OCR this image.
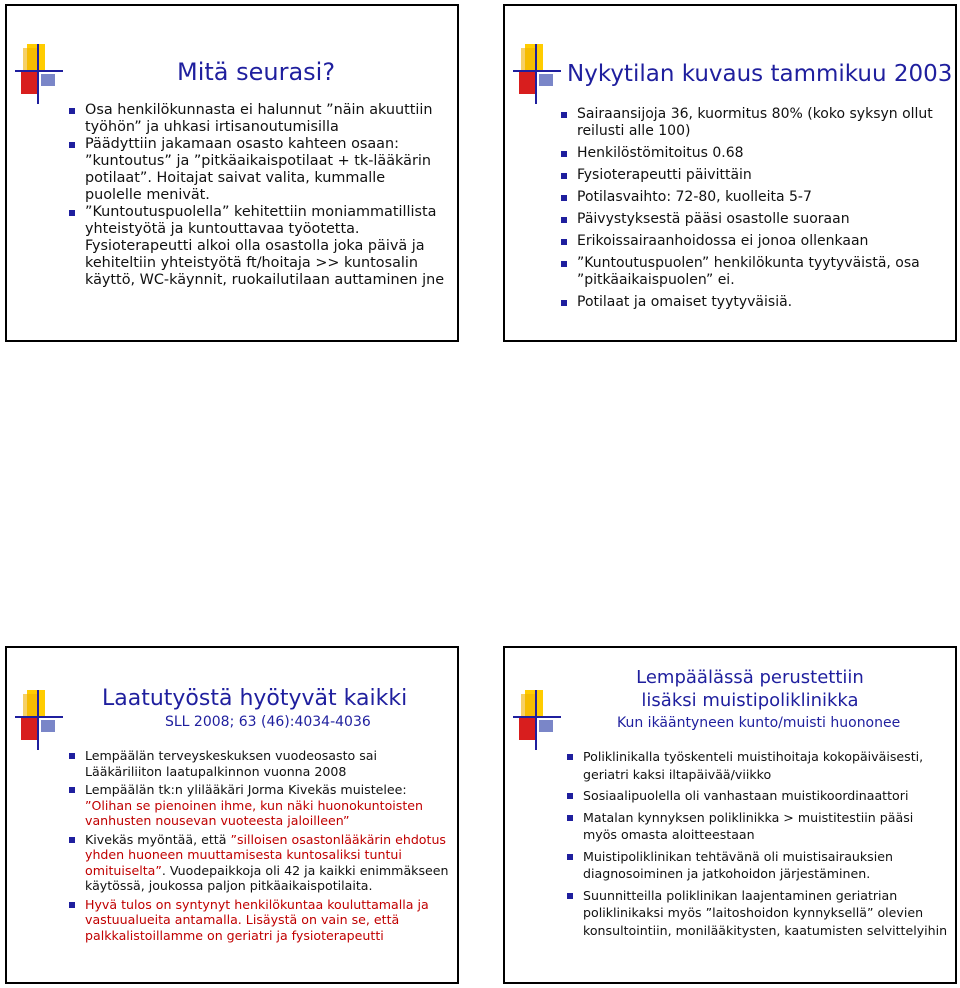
Mitä seurasi?
Osa henkilökunnasta ei halunnut ”näin akuuttiin työhön” ja uhkasi irtisanoutumisilla
Päädyttiin jakamaan osasto kahteen osaan: ”kuntoutus” ja ”pitkäaikaispotilaat + tk-lääkärin potilaat”. Hoitajat saivat valita, kummalle puolelle menivät.
”Kuntoutuspuolella” kehitettiin moniammatillista yhteistyötä ja kuntouttavaa työotetta. Fysioterapeutti alkoi olla osastolla joka päivä ja kehiteltiin yhteistyötä ft/hoitaja >> kuntosalin käyttö, WC-käynnit, ruokailutilaan auttaminen jne
Nykytilan kuvaus tammikuu 2003
Sairaansijoja 36, kuormitus 80% (koko syksyn ollut reilusti alle 100)
Henkilöstömitoitus 0.68
Fysioterapeutti päivittäin
Potilasvaihto: 72-80, kuolleita 5-7
Päivystyksestä pääsi osastolle suoraan
Erikoissairaanhoidossa ei jonoa ollenkaan
”Kuntoutuspuolen” henkilökunta tyytyväistä, osa ”pitkäaikaispuolen” ei.
Potilaat ja omaiset tyytyväisiä.
Laatutyöstä hyötyvät kaikki
SLL 2008; 63 (46):4034-4036
Lempäälän terveyskeskuksen vuodeosasto sai Lääkäriliiton laatupalkinnon vuonna 2008
Lempäälän tk:n ylilääkäri Jorma Kivekäs muistelee: ”Olihan se pienoinen ihme, kun näki huonokuntoisten vanhusten nousevan vuoteesta jaloilleen”
Kivekäs myöntää, että ”silloisen osastonlääkärin ehdotus yhden huoneen muuttamisesta kuntosaliksi tuntui omituiselta”. Vuodepaikkoja oli 42 ja kaikki enimmäkseen käytössä, joukossa paljon pitkäaikaispotilaita.
Hyvä tulos on syntynyt henkilökuntaa kouluttamalla ja vastuualueita antamalla. Lisäystä on vain se, että palkkalistoillamme on geriatri ja fysioterapeutti
Lempäälässä perustettiin lisäksi muistipoliklinikka
Kun ikääntyneen kunto/muisti huononee
Poliklinikalla työskenteli muistihoitaja kokopäiväisesti, geriatri kaksi iltapäivää/viikko
Sosiaalipuolella oli vanhastaan muistikoordinaattori
Matalan kynnyksen poliklinikka > muistitestiin pääsi myös omasta aloitteestaan
Muistipoliklinikan tehtävänä oli muistisairauksien diagnosoiminen ja jatkohoidon järjestäminen.
Suunnitteilla poliklinikan laajentaminen geriatrian poliklinikaksi myös ”laitoshoidon kynnyksellä” olevien konsultointiin, monilääkitysten, kaatumisten selvittelyihin
